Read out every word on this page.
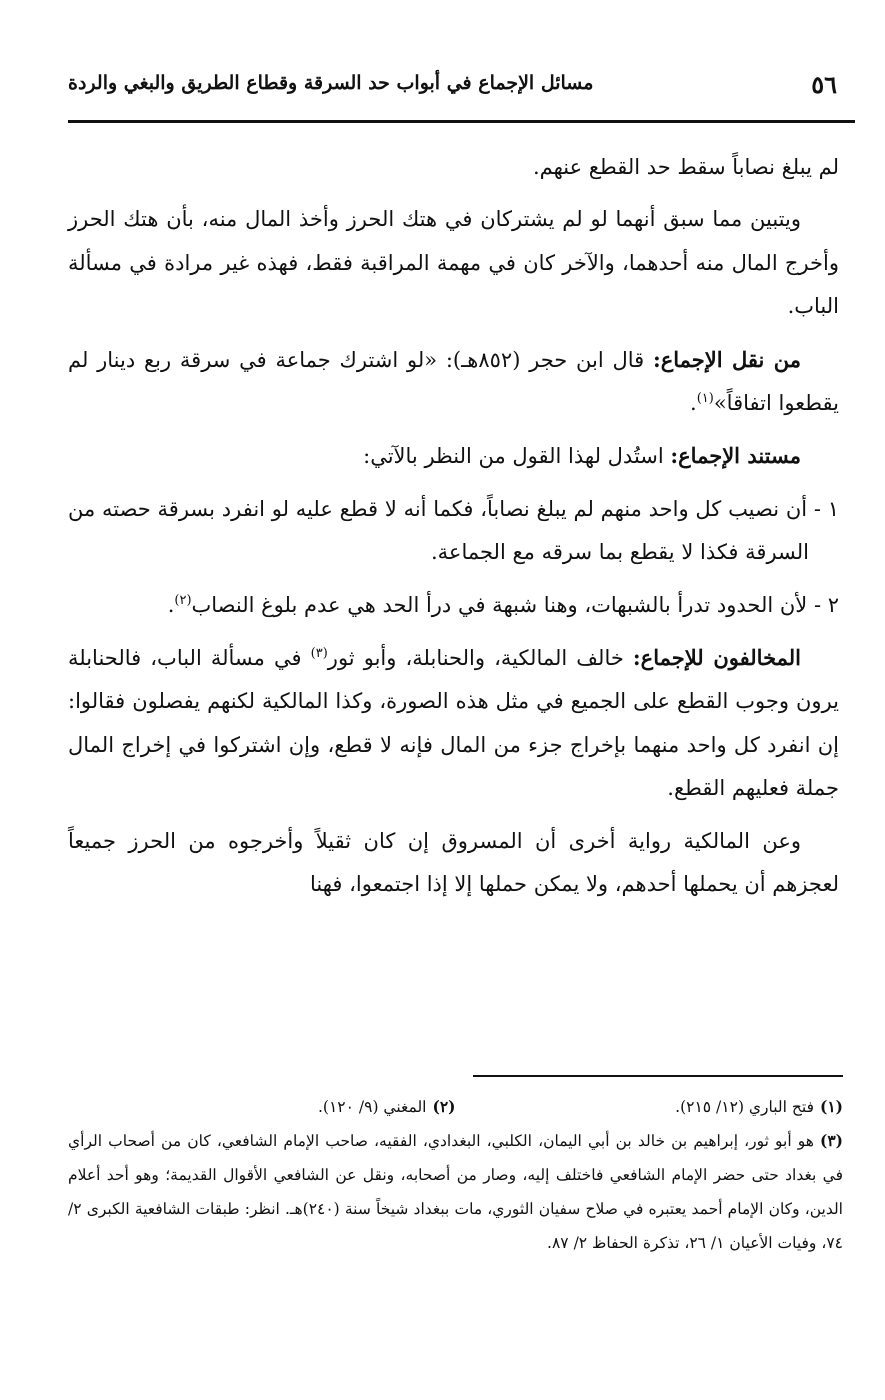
٥٦
مسائل الإجماع في أبواب حد السرقة وقطاع الطريق والبغي والردة

لم يبلغ نصاباً سقط حد القطع عنهم.

ويتبين مما سبق أنهما لو لم يشتركان في هتك الحرز وأخذ المال منه، بأن هتك الحرز وأخرج المال منه أحدهما، والآخر كان في مهمة المراقبة فقط، فهذه غير مرادة في مسألة الباب.

من نقل الإجماع: قال ابن حجر (٨٥٢هـ): «لو اشترك جماعة في سرقة ربع دينار لم يقطعوا اتفاقاً»$^{(١)}$.

مستند الإجماع: استُدل لهذا القول من النظر بالآتي:

١ - أن نصيب كل واحد منهم لم يبلغ نصاباً، فكما أنه لا قطع عليه لو انفرد بسرقة حصته من السرقة فكذا لا يقطع بما سرقه مع الجماعة.

٢ - لأن الحدود تدرأ بالشبهات، وهنا شبهة في درأ الحد هي عدم بلوغ النصاب$^{(٢)}$.

المخالفون للإجماع: خالف المالكية، والحنابلة، وأبو ثور$^{(٣)}$ في مسألة الباب، فالحنابلة يرون وجوب القطع على الجميع في مثل هذه الصورة، وكذا المالكية لكنهم يفصلون فقالوا: إن انفرد كل واحد منهما بإخراج جزء من المال فإنه لا قطع، وإن اشتركوا في إخراج المال جملة فعليهم القطع.

وعن المالكية رواية أخرى أن المسروق إن كان ثقيلاً وأخرجوه من الحرز جميعاً لعجزهم أن يحملها أحدهم، ولا يمكن حملها إلا إذا اجتمعوا، فهنا

(١)فتح الباري (١٢/ ٢١٥).
(٢)المغني (٩/ ١٢٠).

(٣)هو أبو ثور، إبراهيم بن خالد بن أبي اليمان، الكلبي، البغدادي، الفقيه، صاحب الإمام الشافعي، كان من أصحاب الرأي في بغداد حتى حضر الإمام الشافعي فاختلف إليه، وصار من أصحابه، ونقل عن الشافعي الأقوال القديمة؛ وهو أحد أعلام الدين، وكان الإمام أحمد يعتبره في صلاح سفيان الثوري، مات ببغداد شيخاً سنة (٢٤٠)هـ. انظر: طبقات الشافعية الكبرى ٢/ ٧٤، وفيات الأعيان ١/ ٢٦، تذكرة الحفاظ ٢/ ٨٧.
